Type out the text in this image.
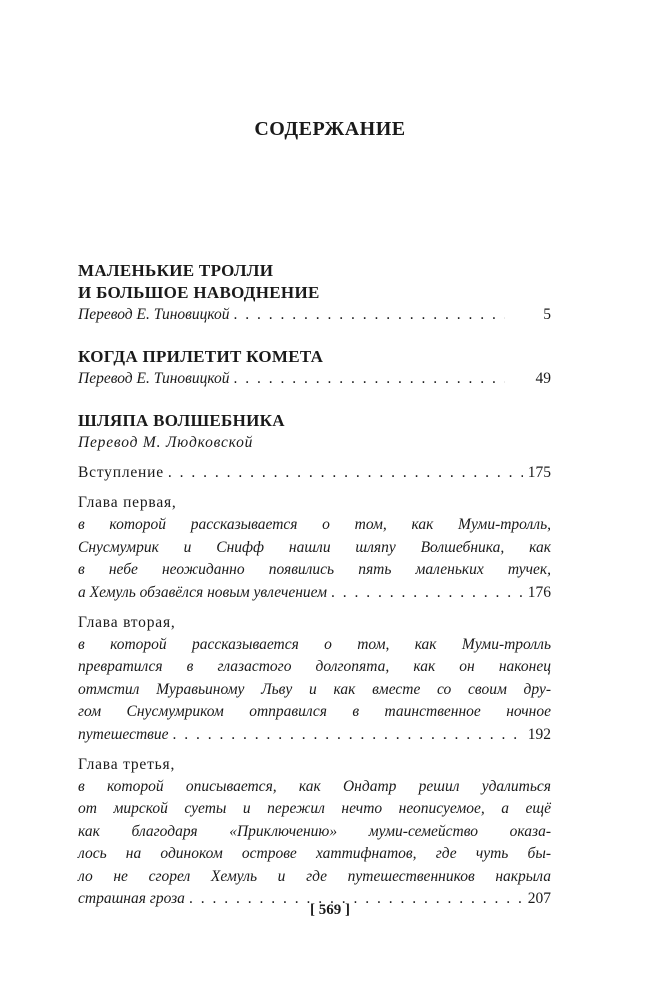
СОДЕРЖАНИЕ
МАЛЕНЬКИЕ ТРОЛЛИ
И БОЛЬШОЕ НАВОДНЕНИЕ
Перевод Е. Тиновицкой . . .	5
КОГДА ПРИЛЕТИТ КОМЕТА
Перевод Е. Тиновицкой . . .	49
ШЛЯПА ВОЛШЕБНИКА
Перевод М. Людковской
Вступление . . .	175
Глава первая,
в которой рассказывается о том, как Муми-тролль,
Снусмумрик и Снифф нашли шляпу Волшебника, как
в небе неожиданно появились пять маленьких тучек,
а Хемуль обзавёлся новым увлечением . . .	176
Глава вторая,
в которой рассказывается о том, как Муми-тролль
превратился в глазастого долгопята, как он наконец
отмстил Муравьиному Льву и как вместе со своим дру-
гом Снусмумриком отправился в таинственное ночное
путешествие . . .	192
Глава третья,
в которой описывается, как Ондатр решил удалиться
от мирской суеты и пережил нечто неописуемое, а ещё
как благодаря «Приключению» муми-семейство оказа-
лось на одиноком острове хаттифнатов, где чуть бы-
ло не сгорел Хемуль и где путешественников накрыла
страшная гроза . . .	207
[ 569 ]
